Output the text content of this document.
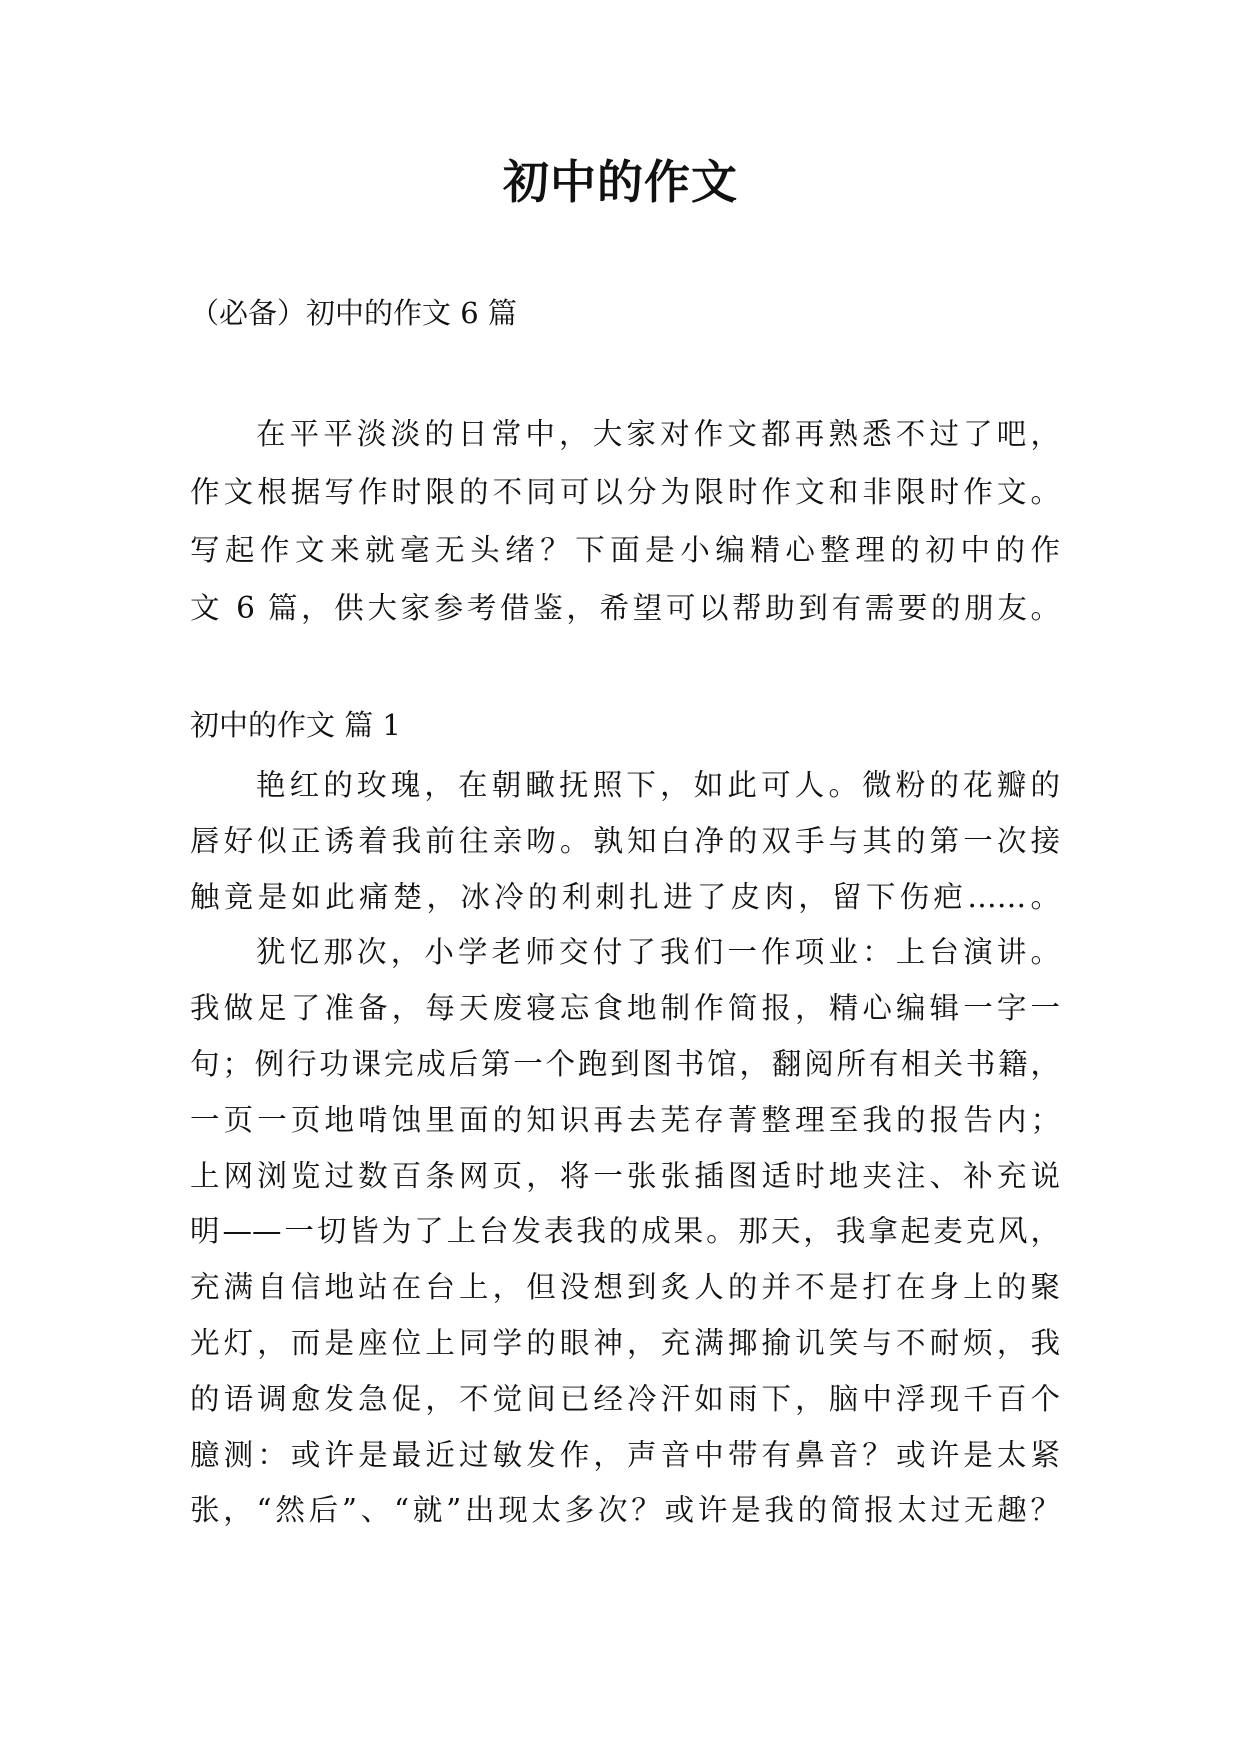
初中的作文
（必备）初中的作文 6 篇
在平平淡淡的日常中，大家对作文都再熟悉不过了吧，
作文根据写作时限的不同可以分为限时作文和非限时作文。
写起作文来就毫无头绪？下面是小编精心整理的初中的作
文 6 篇，供大家参考借鉴，希望可以帮助到有需要的朋友。
初中的作文 篇 1
艳红的玫瑰，在朝瞰抚照下，如此可人。微粉的花瓣的
唇好似正诱着我前往亲吻。孰知白净的双手与其的第一次接
触竟是如此痛楚，冰冷的利刺扎进了皮肉，留下伤疤……。
犹忆那次，小学老师交付了我们一作项业：上台演讲。
我做足了准备，每天废寝忘食地制作简报，精心编辑一字一
句；例行功课完成后第一个跑到图书馆，翻阅所有相关书籍，
一页一页地啃蚀里面的知识再去芜存菁整理至我的报告内；
上网浏览过数百条网页，将一张张插图适时地夹注、补充说
明——一切皆为了上台发表我的成果。那天，我拿起麦克风，
充满自信地站在台上，但没想到炙人的并不是打在身上的聚
光灯，而是座位上同学的眼神，充满揶揄讥笑与不耐烦，我
的语调愈发急促，不觉间已经冷汗如雨下，脑中浮现千百个
臆测：或许是最近过敏发作，声音中带有鼻音？或许是太紧
张，“然后”、“就”出现太多次？或许是我的简报太过无趣？
